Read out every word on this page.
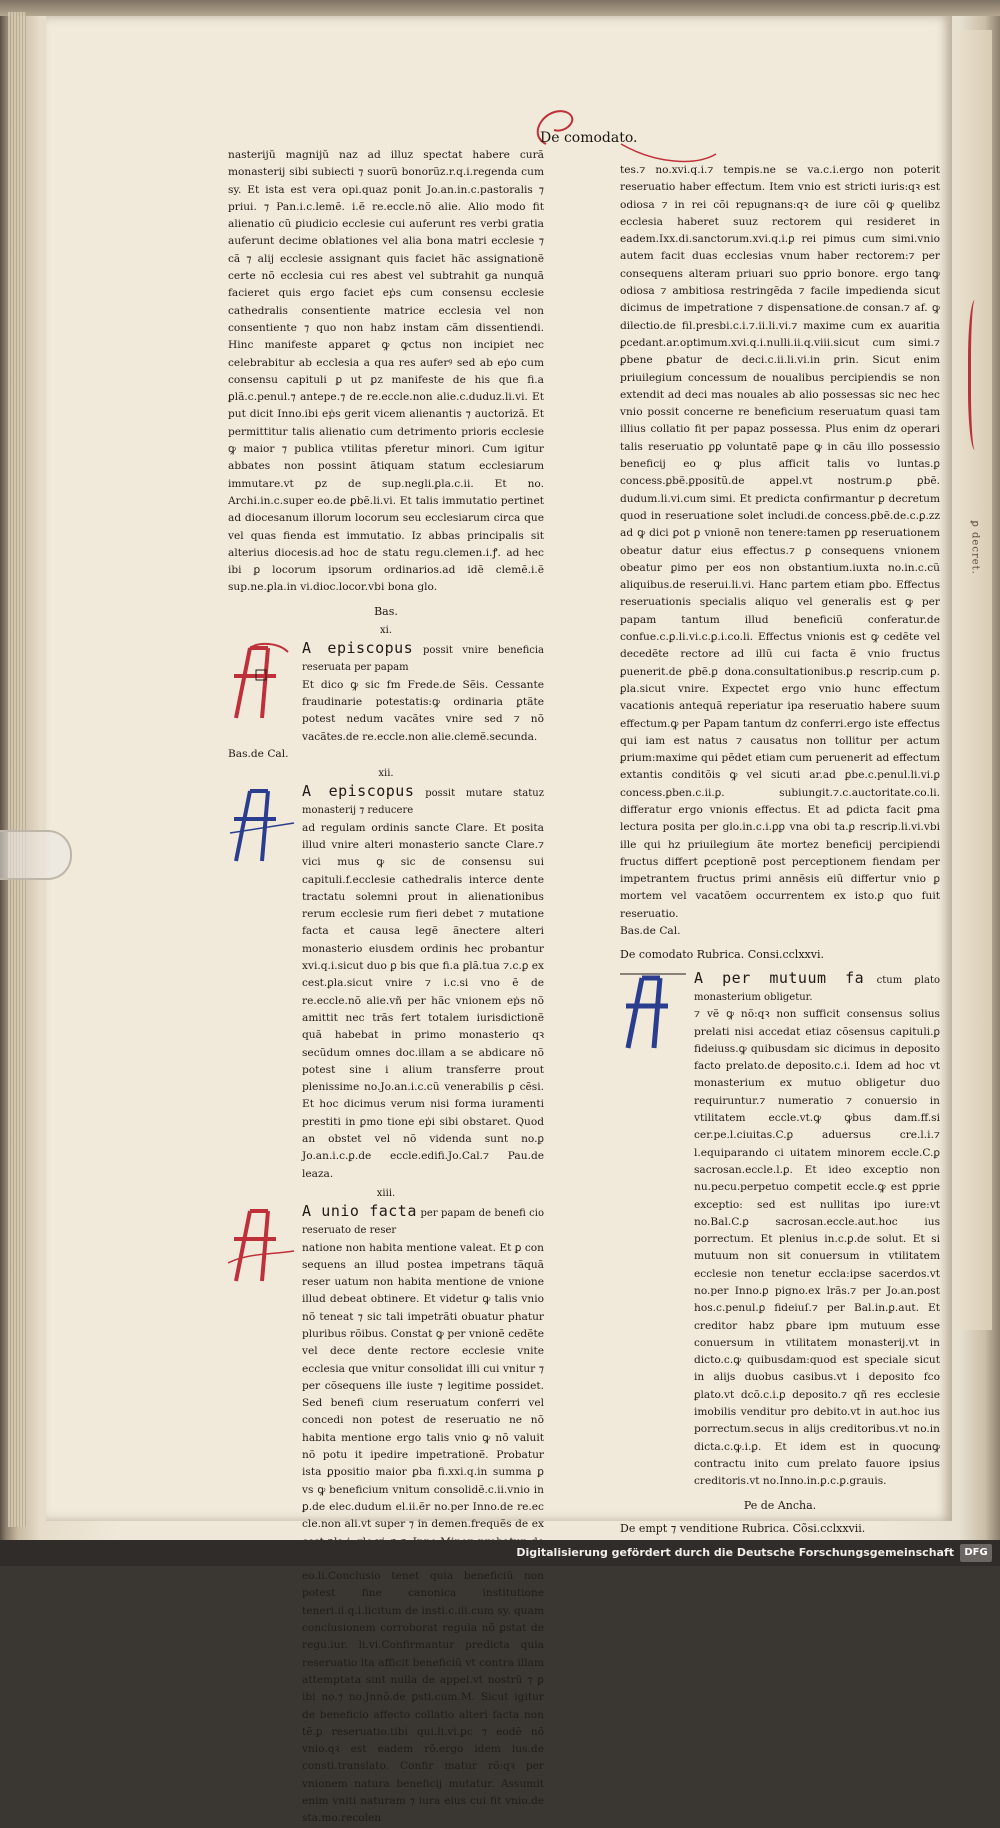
De comodato.

nasterijŭ magnijŭ naz ad illuz spectat habere curã monasterij sibi subiecti ⁊ suorũ bonorũz.r.q.i.regenda cum sy. Et ista est vera opi.quaz ponit Jo.an.in.c.pastoralis ⁊ priui. ⁊ Pan.i.c.lemẽ. i.ẽ re.eccle.nõ alie. Alio modo fit alienatio cũ ꝑiudicio ecclesie cui auferunt res verbi gratia auferunt decime oblationes vel alia bona matri ecclesie ⁊ cã ⁊ alij ecclesie assignant quis faciet hãc assignationẽ certe nõ ecclesia cui res abest vel subtrahit ga nunquã facieret quis ergo faciet eṗs cum consensu ecclesie cathedralis consentiente matrice ecclesia vel non consentiente ⁊ quo non habz instam cãm dissentiendi. Hinc manifeste apparet ꝙ ꝙctus non incipiet nec celebrabitur ab ecclesia a qua res auferꝰ sed ab eṗo cum consensu capituli ꝑ ut ꝑz manifeste de his que fi.a ꝑlã.c.penul.⁊ antepe.⁊ de re.eccle.non alie.c.duduz.li.vi. Et put dicit Inno.ibi eṗs gerit vicem alienantis ⁊ auctorizã. Et permittitur talis alienatio cum detrimento prioris ecclesie ꝙ maior ⁊ publica vtilitas pferetur minori. Cum igitur abbates non possint ãtiquam statum ecclesiarum immutare.vt ꝑz de sup.negli.ꝑla.c.ii. Et no. Archi.in.c.super eo.de ꝑbẽ.li.vi. Et talis immutatio pertinet ad diocesanum illorum locorum seu ecclesiarum circa que vel quas fienda est immutatio. Iz abbas principalis sit alterius diocesis.ad hoc de statu regu.clemen.i.ꝭ. ad hec ibi ꝑ locorum ipsorum ordinarios.ad idẽ clemẽ.i.ẽ sup.ne.ꝑla.in vi.dioc.locor.vbi bona glo.

Bas.
xi.
A episcopus possit vnire beneficia reseruata per papam

Et dico ꝙ sic fm Frede.de Sẽis. Cessante fraudinarie potestatis:ꝙ ordinaria ꝑtãte potest nedum vacãtes vnire sed ⁊ nõ vacãtes.de re.eccle.non alie.clemẽ.secunda.

Bas.de Cal.
xii.
A episcopus possit mutare statuz monasterij ⁊ reducere

ad regulam ordinis sancte Clare. Et posita illud vnire alteri monasterio sancte Clare.⁊ vici mus ꝙ sic de consensu sui capituli.f.ecclesie cathedralis interce dente tractatu solemni prout in alienationibus rerum ecclesie rum fieri debet ⁊ mutatione facta et causa legẽ ãnectere alteri monasterio eiusdem ordinis hec probantur xvi.q.i.sicut duo ꝑ bis que fi.a ꝑlã.tua ⁊.c.ꝑ ex cest.ꝑla.sicut vnire ⁊ i.c.si vno ẽ de re.eccle.nõ alie.vñ per hãc vnionem eṗs nõ amittit nec trãs fert totalem iurisdictionẽ quã habebat in primo monasterio qꝛ secũdum omnes doc.illam a se abdicare nõ potest sine i alium transferre prout plenissime no.Jo.an.i.c.cũ venerabilis ꝑ cẽsi. Et hoc dicimus verum nisi forma iuramenti prestiti in ꝑmo tione eṗi sibi obstaret. Quod an obstet vel nõ videnda sunt no.ꝑ Jo.an.i.c.ꝑ.de eccle.edifi.Jo.Cal.⁊ Pau.de leaza.

xiii.
A unio facta per papam de benefi cio reseruato de reser

natione non habita mentione valeat. Et ꝑ con sequens an illud postea impetrans tãquã reser uatum non habita mentione de vnione illud debeat obtinere. Et videtur ꝙ talis vnio nõ teneat ⁊ sic tali impetrãti obuatur phatur pluribus rõibus. Constat ꝙ per vnionẽ cedẽte vel dece dente rectore ecclesie vnite ecclesia que vnitur consolidat illi cui vnitur ⁊ per cõsequens ille iuste ⁊ legitime possidet. Sed benefi cium reseruatum conferri vel concedi non potest de reseruatio ne nõ habita mentione ergo talis vnio ꝙ nõ valuit nõ potu it ipedire impetrationẽ. Probatur ista ꝑpositio maior ꝑba fi.xxi.q.in summa ꝑ vs ꝙ beneficium vnitum consolidẽ.c.ii.vnio in ꝑ.de elec.dudum el.ii.ẽr no.per Inno.de re.ec cle.non ali.vt super ⁊ in demen.frequẽs de ex eo.li.Conclusio tenet quia beneficiũ non potest fine canonica institutione teneri.ii.q.i.licitum de insti.c.iii.cum sy. quam conclusionem corroborat regula nõ ꝑstat de regu.iur. li.vi.Confirmantur predicta quia reseruatio ita afficit beneficiũ vt contra illam attemptata sint nulla de appel.vt nostrũ ⁊ ꝑ ibi no.⁊ no.Jnnõ.de ꝑsti.cum.M. Sicut igitur de beneficio affecto collatio alteri facta non tẽ.ꝑ reseruatio.tibi qui.li.vi.ꝑc ⁊ eodẽ nõ vnio.qꝛ est eadem rõ.ergo idem ius.de consti.translato. Confir matur rõ:qꝛ per vnionem natura beneficij mutatur. Assumit enim vniti naturam ⁊ iura eius cui fit vnio.de sta.mo.recolen

tes.⁊ no.xvi.q.i.⁊ tempis.ne se va.c.i.ergo non poterit reseruatio haber effectum. Item vnio est stricti iuris:qꝛ est odiosa ⁊ in rei cõi repugnans:qꝛ de iure cõi ꝙ quelibz ecclesia haberet suuz rectorem qui resideret in eadem.Ixx.di.sanctorum.xvi.q.i.ꝑ rei pimus cum simi.vnio autem facit duas ecclesias vnum haber rectorem:⁊ per consequens alteram priuari suo ꝑprio bonore. ergo tanꝙ odiosa ⁊ ambitiosa restringẽda ⁊ facile impedienda sicut dicimus de impetratione ⁊ dispensatione.de consan.⁊ af. ꝙ dilectio.de fil.presbi.c.i.⁊.ii.li.vi.⁊ maxime cum ex auaritia ꝑcedant.ar.optimum.xvi.q.i.nulli.ii.q.viii.sicut cum simi.⁊ ꝑbene ꝑbatur de deci.c.ii.li.vi.in ꝑrin. Sicut enim priuilegium concessum de noualibus percipiendis se non extendit ad deci mas nouales ab alio possessas sic nec hec vnio possit concerne re beneficium reseruatum quasi tam illius collatio fit per papaz possessa. Plus enim dz operari talis reseruatio ꝑꝑ voluntatẽ pape ꝙ in cãu illo possessio beneficij eo ꝙ plus afficit talis vo luntas.ꝑ concess.ꝑbẽ.ꝑpositũ.de appel.vt nostrum.ꝑ ꝑbẽ. dudum.li.vi.cum simi. Et predicta confirmantur ꝑ decretum quod in reseruatione solet includi.de concess.ꝑbẽ.de.c.ꝑ.zz ad ꝙ dici ꝑot ꝑ vnionẽ non tenere:tamen ꝑꝑ reseruationem obeatur datur eius effectus.⁊ ꝑ consequens vnionem obeatur ꝑimo per eos non obstantium.iuxta no.in.c.cũ aliquibus.de reserui.li.vi. Hanc partem etiam ꝑbo. Effectus reseruationis specialis aliquo vel generalis est ꝙ per papam tantum illud beneficiũ conferatur.de confue.c.ꝑ.li.vi.c.ꝑ.i.co.li. Effectus vnionis est ꝙ cedẽte vel decedẽte rectore ad illũ cui facta ẽ vnio fructus ꝑuenerit.de ꝑbẽ.ꝑ dona.consultationibus.ꝑ rescrip.cum ꝑ. ꝑla.sicut vnire. Expectet ergo vnio hunc effectum vacationis antequã reperiatur ipa reseruatio habere suum effectum.ꝙ per Papam tantum dz conferri.ergo iste effectus qui iam est natus ⁊ causatus non tollitur per actum ꝑrium:maxime qui pẽdet etiam cum peruenerit ad effectum extantis conditõis ꝙ vel sicuti ar.ad ꝑbe.c.penul.li.vi.ꝑ concess.ꝑben.c.ii.ꝑ. subiungit.⁊.c.auctoritate.co.li. differatur ergo vnionis effectus. Et ad ꝑdicta facit ꝑma lectura posita per glo.in.c.i.ꝑꝑ vna obi ta.ꝑ rescrip.li.vi.vbi ille qui hz priuilegium ãte mortez beneficij percipiendi fructus differt ꝑceptionẽ post perceptionem fiendam per impetrantem fructus primi annẽsis eiũ differtur vnio ꝑ mortem vel vacatõem occurrentem ex isto.ꝑ quo fuit reseruatio.

Bas.de Cal.
De comodato Rubrica. Consi.cclxxvi.
A per mutuum fa ctum ꝑlato monasterium obligetur.

⁊ vẽ ꝙ nõ:qꝛ non sufficit consensus solius prelati nisi accedat etiaz cõsensus capituli.ꝑ fideiuss.ꝙ quibusdam sic dicimus in deposito facto prelato.de deposito.c.i. Idem ad hoc vt monasterium ex mutuo obligetur duo requiruntur.⁊ numeratio ⁊ conuersio in vtilitatem eccle.vt.ꝙ ꝙbus dam.ff.si cer.pe.l.ciuitas.C.ꝑ aduersus cre.l.i.⁊ l.equiparando ci uitatem minorem eccle.C.ꝑ sacrosan.eccle.l.ꝑ. Et ideo exceptio non nu.pecu.perpetuo competit eccle.ꝙ est ꝑprie exceptio: sed est nullitas ipo iure:vt no.Bal.C.ꝑ sacrosan.eccle.aut.hoc ius porrectum. Et plenius in.c.ꝑ.de solut. Et si mutuum non sit conuersum in vtilitatem ecclesie non tenetur eccla:ipse sacerdos.vt no.per Inno.ꝑ pigno.ex lrãs.⁊ per Jo.an.post hos.c.penul.ꝑ fideiuſ.⁊ per Bal.in.ꝑ.aut. Et creditor habz ꝑbare ipm mutuum esse conuersum in vtilitatem monasterij.vt in dicto.c.ꝙ quibusdam:quod est speciale sicut in alijs duobus casibus.vt i deposito fco ꝑlato.vt dcõ.c.i.ꝑ deposito.⁊ qñ res ecclesie imobilis venditur pro debito.vt in aut.hoc ius porrectum.secus in alijs creditoribus.vt no.in dicta.c.ꝙ.i.ꝑ. Et idem est in quocunꝙ contractu inito cum prelato fauore ipsius creditoris.vt no.Inno.in.ꝑ.c.ꝑ.grauis.

Pe de Ancha.
De empt ⁊ venditione Rubrica. Cõsi.cclxxvii.
ꝑ decret.
Digitalisierung gefördert durch die Deutsche Forschungsgemeinschaft	DFG
